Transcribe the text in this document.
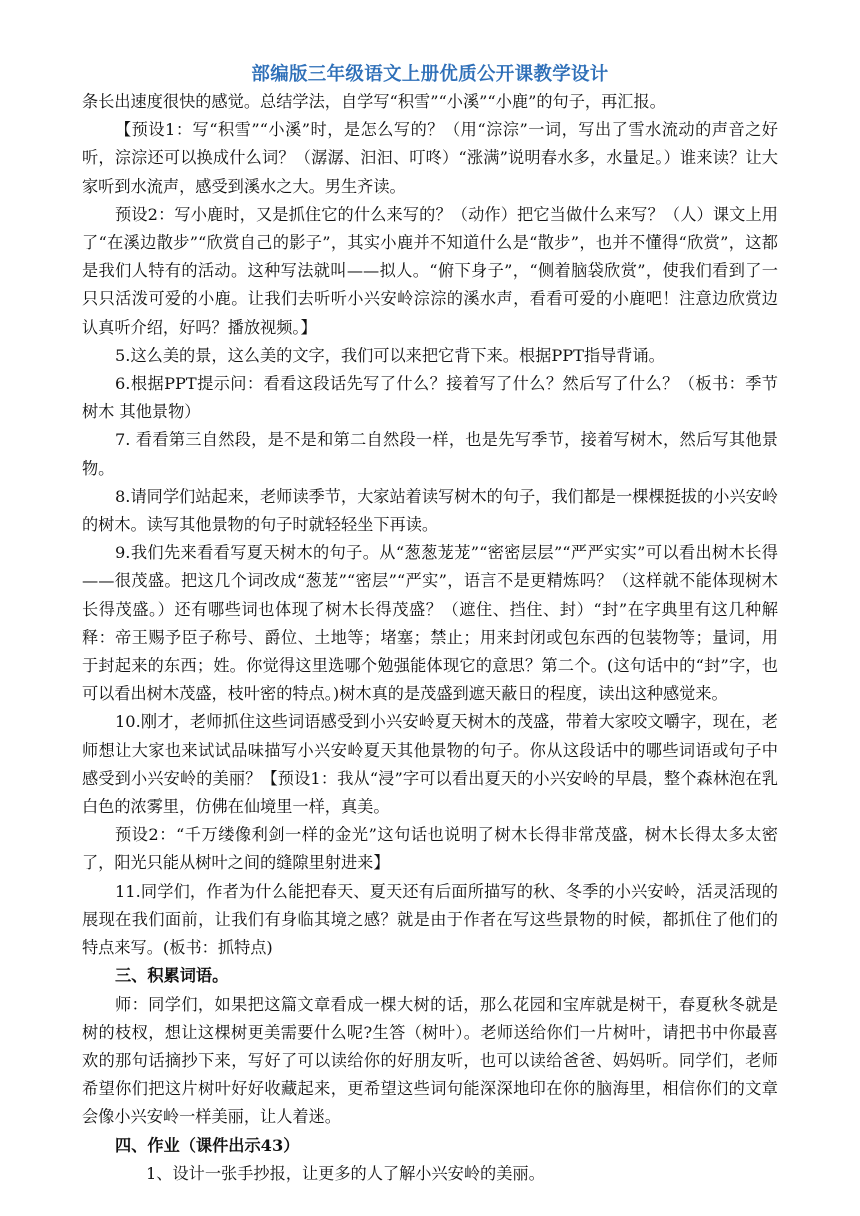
部编版三年级语文上册优质公开课教学设计

条长出速度很快的感觉。总结学法，自学写“积雪”“小溪”“小鹿”的句子，再汇报。

【预设1：写“积雪”“小溪”时，是怎么写的？（用“淙淙”一词，写出了雪水流动的声音之好听，淙淙还可以换成什么词？（潺潺、汩汩、叮咚）“涨满”说明春水多，水量足。）谁来读？让大家听到水流声，感受到溪水之大。男生齐读。

预设2：写小鹿时，又是抓住它的什么来写的？（动作）把它当做什么来写？（人）课文上用了“在溪边散步”“欣赏自己的影子”，其实小鹿并不知道什么是“散步”，也并不懂得“欣赏”，这都是我们人特有的活动。这种写法就叫——拟人。“俯下身子”，“侧着脑袋欣赏”，使我们看到了一只只活泼可爱的小鹿。让我们去听听小兴安岭淙淙的溪水声，看看可爱的小鹿吧！注意边欣赏边认真听介绍，好吗？播放视频。】

5.这么美的景，这么美的文字，我们可以来把它背下来。根据PPT指导背诵。

6.根据PPT提示问：看看这段话先写了什么？接着写了什么？然后写了什么？（板书：季节 树木 其他景物）

7. 看看第三自然段，是不是和第二自然段一样，也是先写季节，接着写树木，然后写其他景物。

8.请同学们站起来，老师读季节，大家站着读写树木的句子，我们都是一棵棵挺拔的小兴安岭的树木。读写其他景物的句子时就轻轻坐下再读。

9.我们先来看看写夏天树木的句子。从“葱葱茏茏”“密密层层”“严严实实”可以看出树木长得——很茂盛。把这几个词改成“葱茏”“密层”“严实”，语言不是更精炼吗？（这样就不能体现树木长得茂盛。）还有哪些词也体现了树木长得茂盛？（遮住、挡住、封）“封”在字典里有这几种解释：帝王赐予臣子称号、爵位、土地等；堵塞；禁止；用来封闭或包东西的包装物等；量词，用于封起来的东西；姓。你觉得这里选哪个勉强能体现它的意思？第二个。(这句话中的“封”字，也可以看出树木茂盛，枝叶密的特点。)树木真的是茂盛到遮天蔽日的程度，读出这种感觉来。

10.刚才，老师抓住这些词语感受到小兴安岭夏天树木的茂盛，带着大家咬文嚼字，现在，老师想让大家也来试试品味描写小兴安岭夏天其他景物的句子。你从这段话中的哪些词语或句子中感受到小兴安岭的美丽？【预设1：我从“浸”字可以看出夏天的小兴安岭的早晨，整个森林泡在乳白色的浓雾里，仿佛在仙境里一样，真美。

预设2：“千万缕像利剑一样的金光”这句话也说明了树木长得非常茂盛，树木长得太多太密了，阳光只能从树叶之间的缝隙里射进来】

11.同学们，作者为什么能把春天、夏天还有后面所描写的秋、冬季的小兴安岭，活灵活现的展现在我们面前，让我们有身临其境之感？就是由于作者在写这些景物的时候，都抓住了他们的特点来写。(板书：抓特点)

三、积累词语。

师：同学们，如果把这篇文章看成一棵大树的话，那么花园和宝库就是树干，春夏秋冬就是树的枝杈，想让这棵树更美需要什么呢?生答（树叶）。老师送给你们一片树叶，请把书中你最喜欢的那句话摘抄下来，写好了可以读给你的好朋友听，也可以读给爸爸、妈妈听。同学们，老师希望你们把这片树叶好好收藏起来，更希望这些词句能深深地印在你的脑海里，相信你们的文章会像小兴安岭一样美丽，让人着迷。

四、作业（课件出示43）

1、设计一张手抄报，让更多的人了解小兴安岭的美丽。
